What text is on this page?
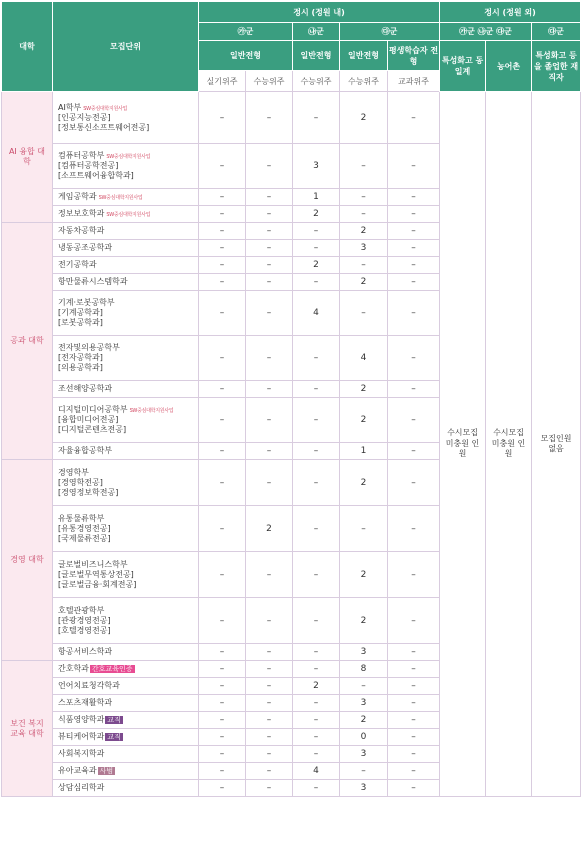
대학	모집단위	정시 (정원 내)					정시 (정원 외)		
		㉮군		㉯군	㉰군		㉮군 ㉯군 ㉰군		㉰군
		일반전형		일반전형	일반전형	평생학습자 전형	특성화고 동일계	농어촌	특성화고 등을 졸업한 재직자
		실기위주	수능위주	수능위주	수능위주	교과위주			
AI 융합 대학	AI학부 SW중심대학지원사업
[인공지능전공]
[정보통신소프트웨어전공]	–	–	–	2	–	수시모집 미충원 인원	수시모집 미충원 인원	모집인원 없음
	컴퓨터공학부 SW중심대학지원사업
[컴퓨터공학전공]
[소프트웨어융합학과]	–	–	3	–	–			
	게임공학과 SW중심대학지원사업	–	–	1	–	–			
	정보보호학과 SW중심대학지원사업	–	–	2	–	–			
공과 대학	자동차공학과	–	–	–	2	–			
	냉동공조공학과	–	–	–	3	–			
	전기공학과	–	–	2	–	–			
	항만물류시스템학과	–	–	–	2	–			
	기계·로봇공학부
[기계공학과]
[로봇공학과]	–	–	4	–	–			
	전자및의용공학부
[전자공학과]
[의용공학과]	–	–	–	4	–			
	조선해양공학과	–	–	–	2	–			
	디지털미디어공학부 SW중심대학지원사업
[융합미디어전공]
[디지털콘텐츠전공]	–	–	–	2	–			
	자율융합공학부	–	–	–	1	–			
경영 대학	경영학부
[경영학전공]
[경영정보학전공]	–	–	–	2	–			
	유통물류학부
[유통경영전공]
[국제물류전공]	–	2	–	–	–			
	글로벌비즈니스학부
[글로벌무역통상전공]
[글로벌금융·회계전공]	–	–	–	2	–			
	호텔관광학부
[관광경영전공]
[호텔경영전공]	–	–	–	2	–			
	항공서비스학과	–	–	–	3	–			
보건 복지 교육 대학	간호학과 간호교육인증	–	–	–	8	–			
	언어치료청각학과	–	–	2	–	–			
	스포츠재활학과	–	–	–	3	–			
	식품영양학과 교직	–	–	–	2	–			
	뷰티케어학과 교직	–	–	–	0	–			
	사회복지학과	–	–	–	3	–			
	유아교육과 사범	–	–	4	–	–			
	상담심리학과	–	–	–	3	–			
